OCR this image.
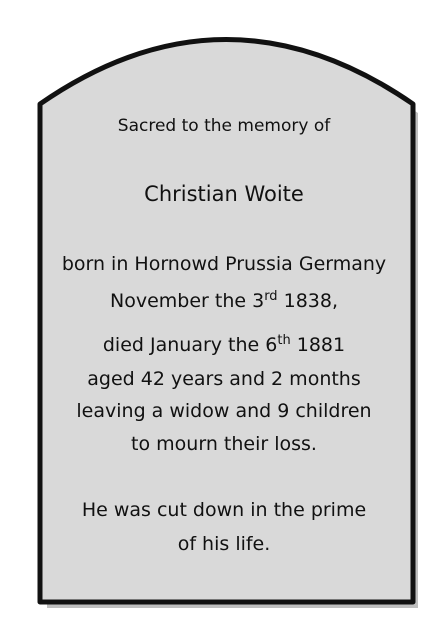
Sacred to the memory of
Christian Woite
born in Hornowd Prussia Germany
November the 3rd 1838,
died January the 6th 1881
aged 42 years and 2 months
leaving a widow and 9 children
to mourn their loss.
He was cut down in the prime
of his life.
